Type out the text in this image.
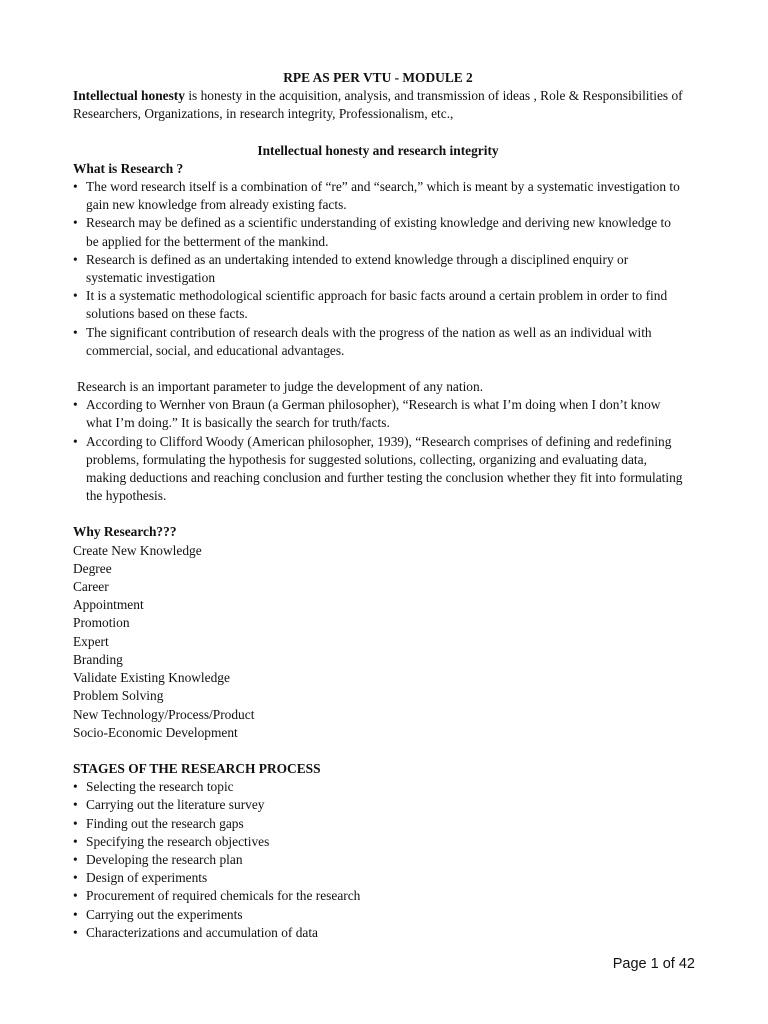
RPE AS PER VTU - MODULE 2

Intellectual honesty is honesty in the acquisition, analysis, and transmission of ideas , Role & Responsibilities of Researchers, Organizations, in research integrity, Professionalism, etc.,

Intellectual honesty and research integrity

What is Research ?

• The word research itself is a combination of “re” and “search,” which is meant by a systematic investigation to gain new knowledge from already existing facts.
• Research may be defined as a scientific understanding of existing knowledge and deriving new knowledge to be applied for the betterment of the mankind.
• Research is defined as an undertaking intended to extend knowledge through a disciplined enquiry or systematic investigation
• It is a systematic methodological scientific approach for basic facts around a certain problem in order to find solutions based on these facts.
• The significant contribution of research deals with the progress of the nation as well as an individual with commercial, social, and educational advantages.

Research is an important parameter to judge the development of any nation.

• According to Wernher von Braun (a German philosopher), “Research is what I’m doing when I don’t know what I’m doing.” It is basically the search for truth/facts.
• According to Clifford Woody (American philosopher, 1939), “Research comprises of defining and redefining problems, formulating the hypothesis for suggested solutions, collecting, organizing and evaluating data, making deductions and reaching conclusion and further testing the conclusion whether they fit into formulating the hypothesis.

Why Research???

Create New Knowledge
Degree
Career
Appointment
Promotion
Expert
Branding
Validate Existing Knowledge
Problem Solving
New Technology/Process/Product
Socio-Economic Development

STAGES OF THE RESEARCH PROCESS

• Selecting the research topic
• Carrying out the literature survey
• Finding out the research gaps
• Specifying the research objectives
• Developing the research plan
• Design of experiments
• Procurement of required chemicals for the research
• Carrying out the experiments
• Characterizations and accumulation of data
Page 1 of 42
